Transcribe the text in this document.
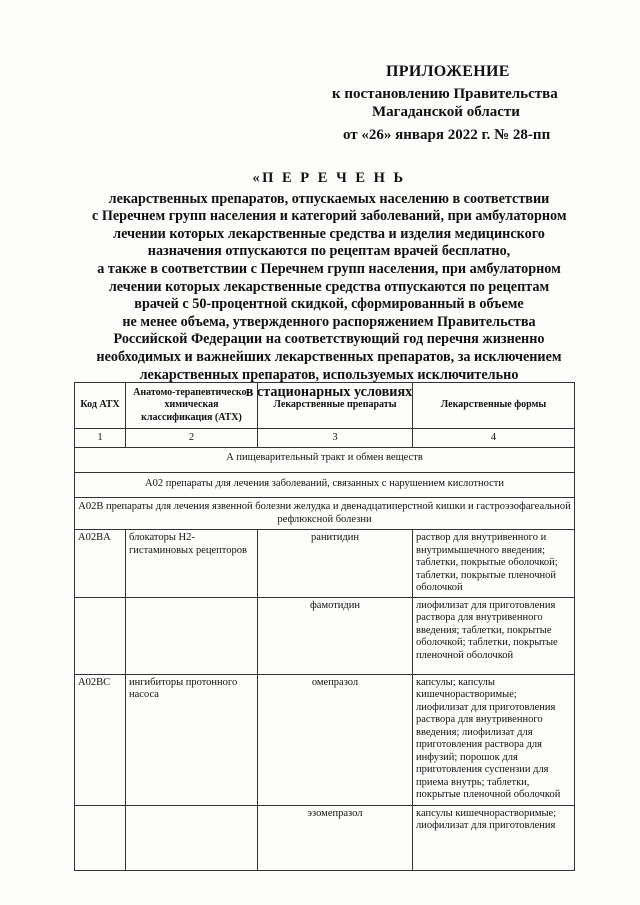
ПРИЛОЖЕНИЕ
к постановлению Правительства
Магаданской области
от «26» января 2022 г. № 28-пп
«П Е Р Е Ч Е Н Ь
лекарственных препаратов, отпускаемых населению в соответствии
с Перечнем групп населения и категорий заболеваний, при амбулаторном
лечении которых лекарственные средства и изделия медицинского
назначения отпускаются по рецептам врачей бесплатно,
а также в соответствии с Перечнем групп населения, при амбулаторном
лечении которых лекарственные средства отпускаются по рецептам
врачей с 50-процентной скидкой, сформированный в объеме
не менее объема, утвержденного распоряжением Правительства
Российской Федерации на соответствующий год перечня жизненно
необходимых и важнейших лекарственных препаратов, за исключением
лекарственных препаратов, используемых исключительно
в стационарных условиях
Код АТХ	Анатомо-терапевтическо-химическая классификация (АТХ)	Лекарственные препараты	Лекарственные формы
1	2	3	4
А пищеварительный тракт и обмен веществ			
А02 препараты для лечения заболеваний, связанных с нарушением кислотности			
А02В препараты для лечения язвенной болезни желудка и двенадцатиперстной кишки и гастроэзофагеальной рефлюксной болезни			
A02BA	блокаторы Н2-гистаминовых рецепторов	ранитидин	раствор для внутривенного и внутримышечного введения; таблетки, покрытые оболочкой; таблетки, покрытые пленочной оболочкой
		фамотидин	лиофилизат для приготовления раствора для внутривенного введения; таблетки, покрытые оболочкой; таблетки, покрытые пленочной оболочкой
A02BC	ингибиторы протонного насоса	омепразол	капсулы; капсулы кишечнорастворимые; лиофилизат для приготовления раствора для внутривенного введения; лиофилизат для приготовления раствора для инфузий; порошок для приготовления суспензии для приема внутрь; таблетки, покрытые пленочной оболочкой
		эзомепразол	капсулы кишечнорастворимые; лиофилизат для приготовления
